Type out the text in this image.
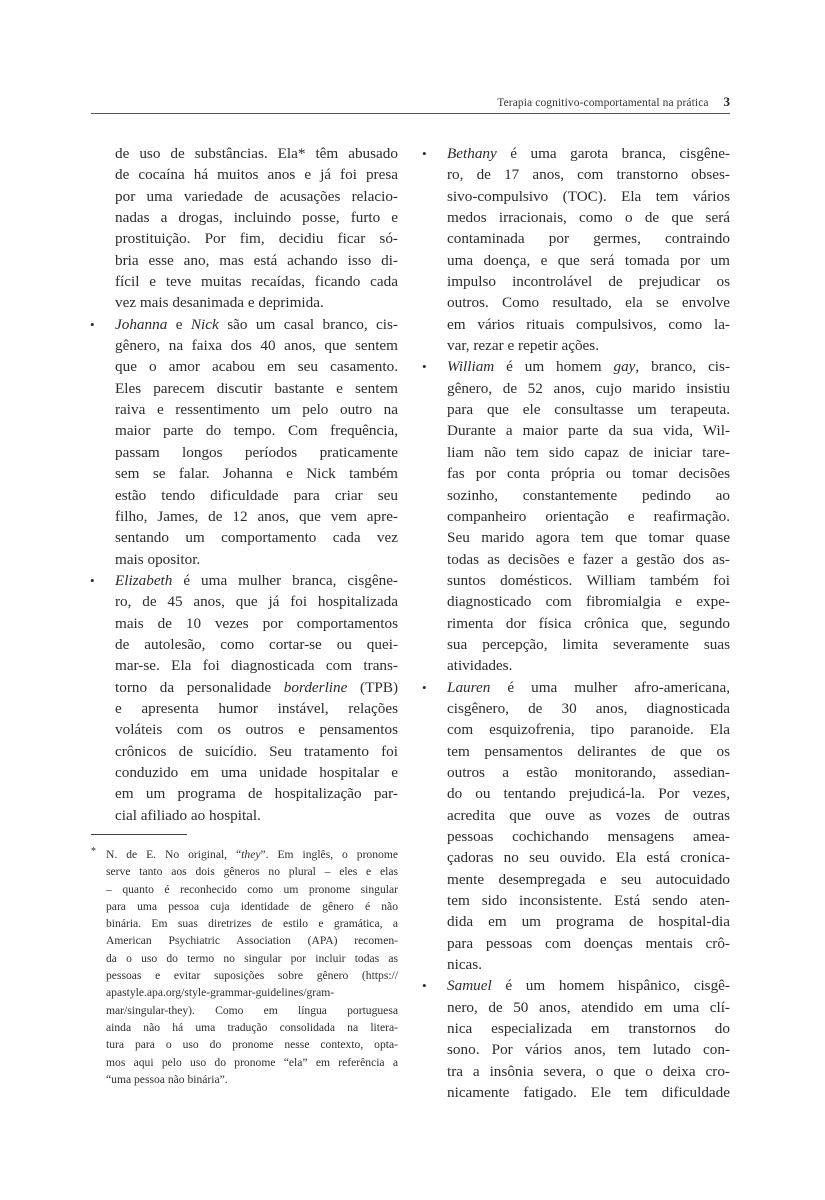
Terapia cognitivo-comportamental na prática 3

de uso de substâncias. Ela* têm abusado
de cocaína há muitos anos e já foi presa
por uma variedade de acusações relacio-
nadas a drogas, incluindo posse, furto e
prostituição. Por fim, decidiu ficar só-
bria esse ano, mas está achando isso di-
fícil e teve muitas recaídas, ficando cada
vez mais desanimada e deprimida.

• Johanna e Nick são um casal branco, cis-
gênero, na faixa dos 40 anos, que sentem
que o amor acabou em seu casamento.
Eles parecem discutir bastante e sentem
raiva e ressentimento um pelo outro na
maior parte do tempo. Com frequência,
passam longos períodos praticamente
sem se falar. Johanna e Nick também
estão tendo dificuldade para criar seu
filho, James, de 12 anos, que vem apre-
sentando um comportamento cada vez
mais opositor.
• Elizabeth é uma mulher branca, cisgêne-
ro, de 45 anos, que já foi hospitalizada
mais de 10 vezes por comportamentos
de autolesão, como cortar-se ou quei-
mar-se. Ela foi diagnosticada com trans-
torno da personalidade borderline (TPB)
e apresenta humor instável, relações
voláteis com os outros e pensamentos
crônicos de suicídio. Seu tratamento foi
conduzido em uma unidade hospitalar e
em um programa de hospitalização par-
cial afiliado ao hospital.
* N. de E. No original, “they”. Em inglês, o pronome
serve tanto aos dois gêneros no plural – eles e elas
– quanto é reconhecido como um pronome singular
para uma pessoa cuja identidade de gênero é não
binária. Em suas diretrizes de estilo e gramática, a
American Psychiatric Association (APA) recomen-
da o uso do termo no singular por incluir todas as
pessoas e evitar suposições sobre gênero (https://
apastyle.apa.org/style-grammar-guidelines/gram-
mar/singular-they). Como em língua portuguesa
ainda não há uma tradução consolidada na litera-
tura para o uso do pronome nesse contexto, opta-
mos aqui pelo uso do pronome “ela” em referência a
“uma pessoa não binária”.
• Bethany é uma garota branca, cisgêne-
ro, de 17 anos, com transtorno obses-
sivo-compulsivo (TOC). Ela tem vários
medos irracionais, como o de que será
contaminada por germes, contraindo
uma doença, e que será tomada por um
impulso incontrolável de prejudicar os
outros. Como resultado, ela se envolve
em vários rituais compulsivos, como la-
var, rezar e repetir ações.
• William é um homem gay, branco, cis-
gênero, de 52 anos, cujo marido insistiu
para que ele consultasse um terapeuta.
Durante a maior parte da sua vida, Wil-
liam não tem sido capaz de iniciar tare-
fas por conta própria ou tomar decisões
sozinho, constantemente pedindo ao
companheiro orientação e reafirmação.
Seu marido agora tem que tomar quase
todas as decisões e fazer a gestão dos as-
suntos domésticos. William também foi
diagnosticado com fibromialgia e expe-
rimenta dor física crônica que, segundo
sua percepção, limita severamente suas
atividades.
• Lauren é uma mulher afro-americana,
cisgênero, de 30 anos, diagnosticada
com esquizofrenia, tipo paranoide. Ela
tem pensamentos delirantes de que os
outros a estão monitorando, assedian-
do ou tentando prejudicá-la. Por vezes,
acredita que ouve as vozes de outras
pessoas cochichando mensagens amea-
çadoras no seu ouvido. Ela está cronica-
mente desempregada e seu autocuidado
tem sido inconsistente. Está sendo aten-
dida em um programa de hospital-dia
para pessoas com doenças mentais crô-
nicas.
• Samuel é um homem hispânico, cisgê-
nero, de 50 anos, atendido em uma clí-
nica especializada em transtornos do
sono. Por vários anos, tem lutado con-
tra a insônia severa, o que o deixa cro-
nicamente fatigado. Ele tem dificuldade
